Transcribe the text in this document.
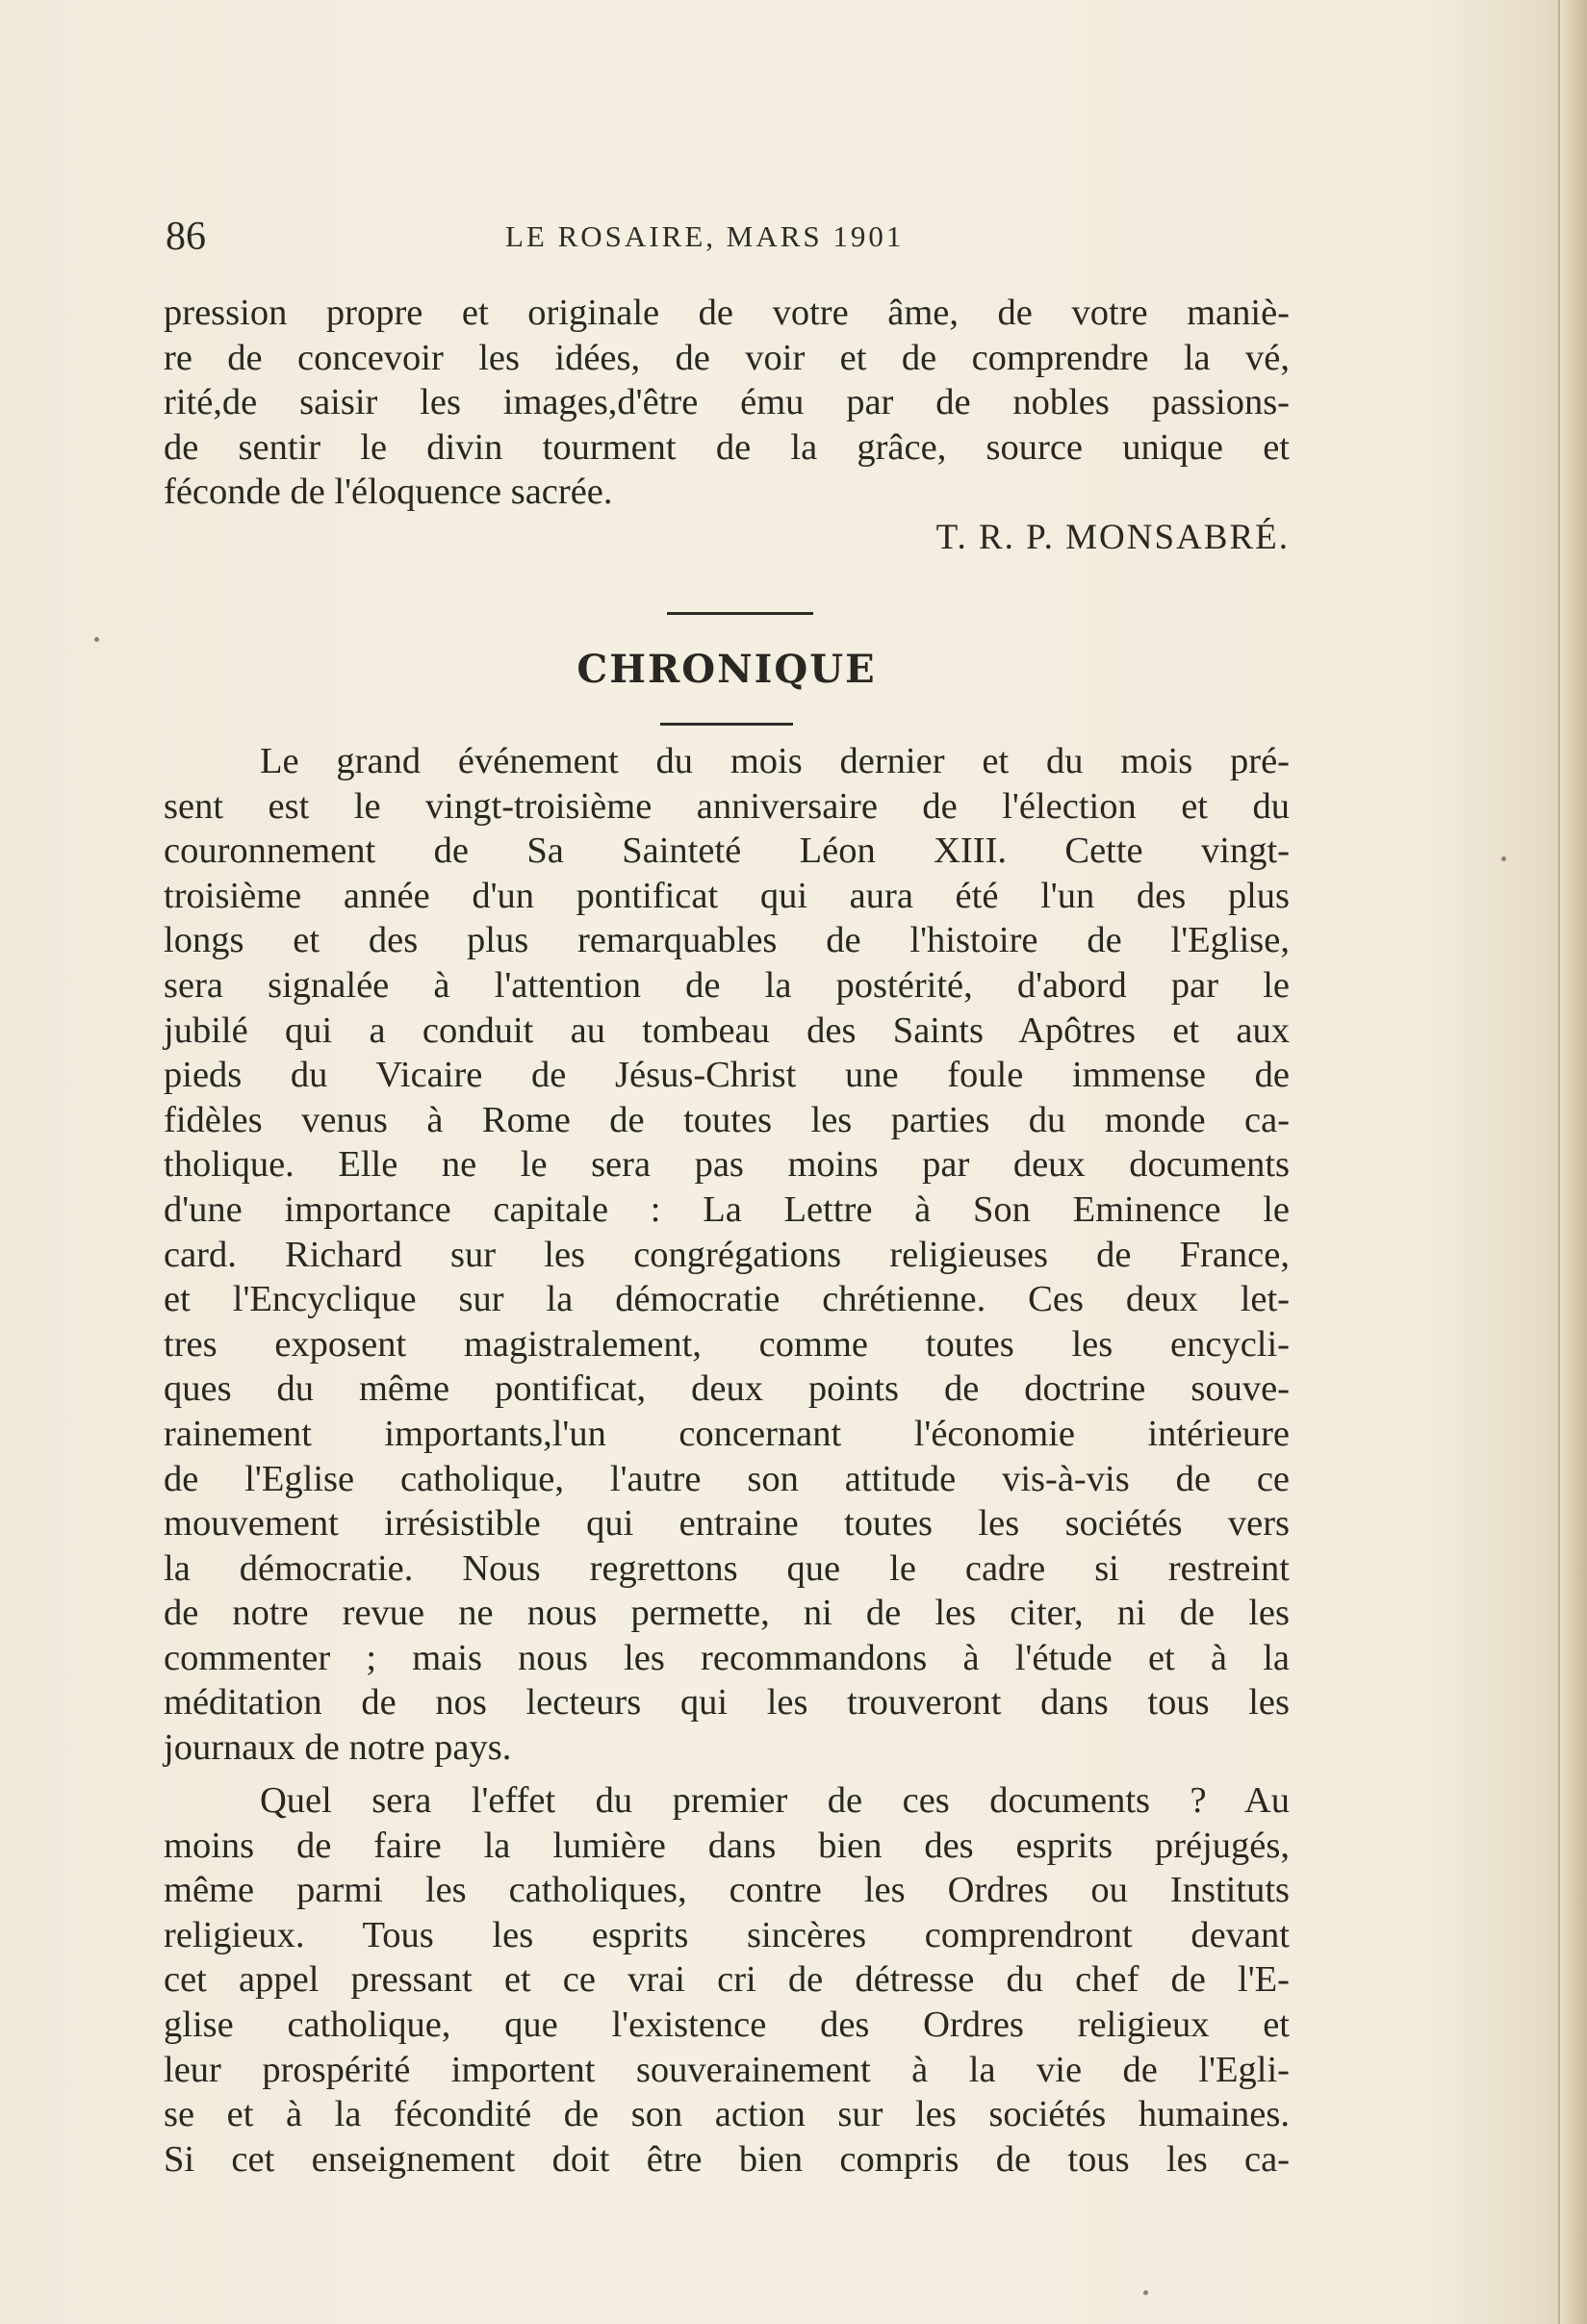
86	LE ROSAIRE, MARS 1901
pression propre et originale de votre âme, de votre maniè-
re de concevoir les idées, de voir et de comprendre la vé,
rité,de saisir les images,d'être ému par de nobles passions-
de sentir le divin tourment de la grâce, source unique et
féconde de l'éloquence sacrée.
T. R. P. MONSABRÉ.
CHRONIQUE
Le grand événement du mois dernier et du mois pré-
sent est le vingt-troisième anniversaire de l'élection et du
couronnement de Sa Sainteté Léon XIII. Cette vingt-
troisième année d'un pontificat qui aura été l'un des plus
longs et des plus remarquables de l'histoire de l'Eglise,
sera signalée à l'attention de la postérité, d'abord par le
jubilé qui a conduit au tombeau des Saints Apôtres et aux
pieds du Vicaire de Jésus-Christ une foule immense de
fidèles venus à Rome de toutes les parties du monde ca-
tholique. Elle ne le sera pas moins par deux documents
d'une importance capitale : La Lettre à Son Eminence le
card. Richard sur les congrégations religieuses de France,
et l'Encyclique sur la démocratie chrétienne. Ces deux let-
tres exposent magistralement, comme toutes les encycli-
ques du même pontificat, deux points de doctrine souve-
rainement importants,l'un concernant l'économie intérieure
de l'Eglise catholique, l'autre son attitude vis-à-vis de ce
mouvement irrésistible qui entraine toutes les sociétés vers
la démocratie. Nous regrettons que le cadre si restreint
de notre revue ne nous permette, ni de les citer, ni de les
commenter ; mais nous les recommandons à l'étude et à la
méditation de nos lecteurs qui les trouveront dans tous les
journaux de notre pays.
Quel sera l'effet du premier de ces documents ? Au
moins de faire la lumière dans bien des esprits préjugés,
même parmi les catholiques, contre les Ordres ou Instituts
religieux. Tous les esprits sincères comprendront devant
cet appel pressant et ce vrai cri de détresse du chef de l'E-
glise catholique, que l'existence des Ordres religieux et
leur prospérité importent souverainement à la vie de l'Egli-
se et à la fécondité de son action sur les sociétés humaines.
Si cet enseignement doit être bien compris de tous les ca-
